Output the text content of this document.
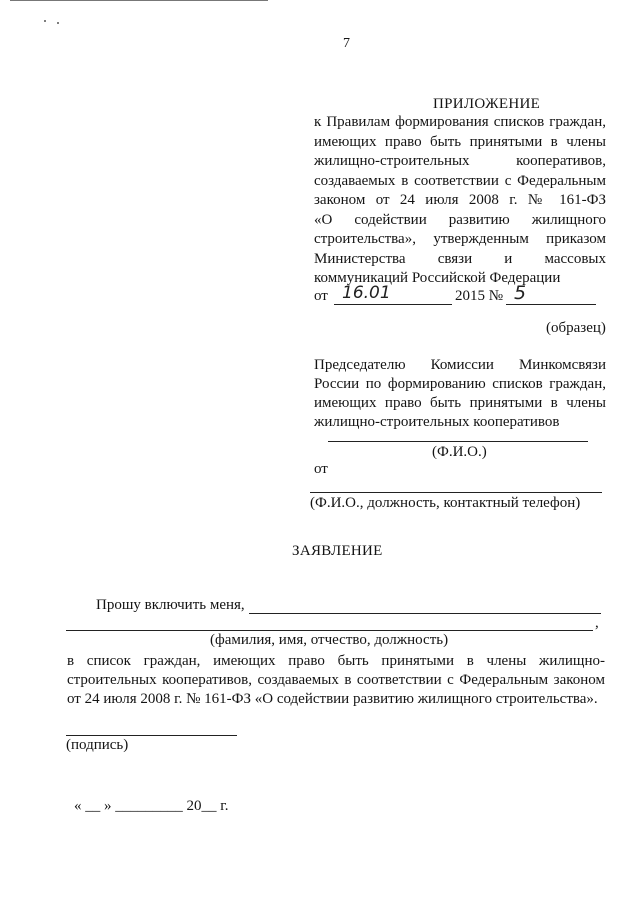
7
ПРИЛОЖЕНИЕ
к Правилам формирования списков граждан,
имеющих право быть принятыми в члены
жилищно-строительных кооперативов,
создаваемых в соответствии с Федеральным
законом от 24 июля 2008 г. № 161-ФЗ
«О содействии развитию жилищного
строительства», утвержденным приказом
Министерства связи и массовых
коммуникаций Российской Федерации
от 16.01	2015 № 5
(образец)
Председателю Комиссии Минкомсвязи
России по формированию списков граждан,
имеющих право быть принятыми в члены
жилищно-строительных кооперативов
(Ф.И.О.)
от
(Ф.И.О., должность, контактный телефон)
ЗАЯВЛЕНИЕ
Прошу включить меня,
,
(фамилия, имя, отчество, должность)
в список граждан, имеющих право быть принятыми в члены жилищно-
строительных кооперативов, создаваемых в соответствии с Федеральным законом
от 24 июля 2008 г. № 161-ФЗ «О содействии развитию жилищного строительства».
(подпись)
« __ » _________ 20__ г.
